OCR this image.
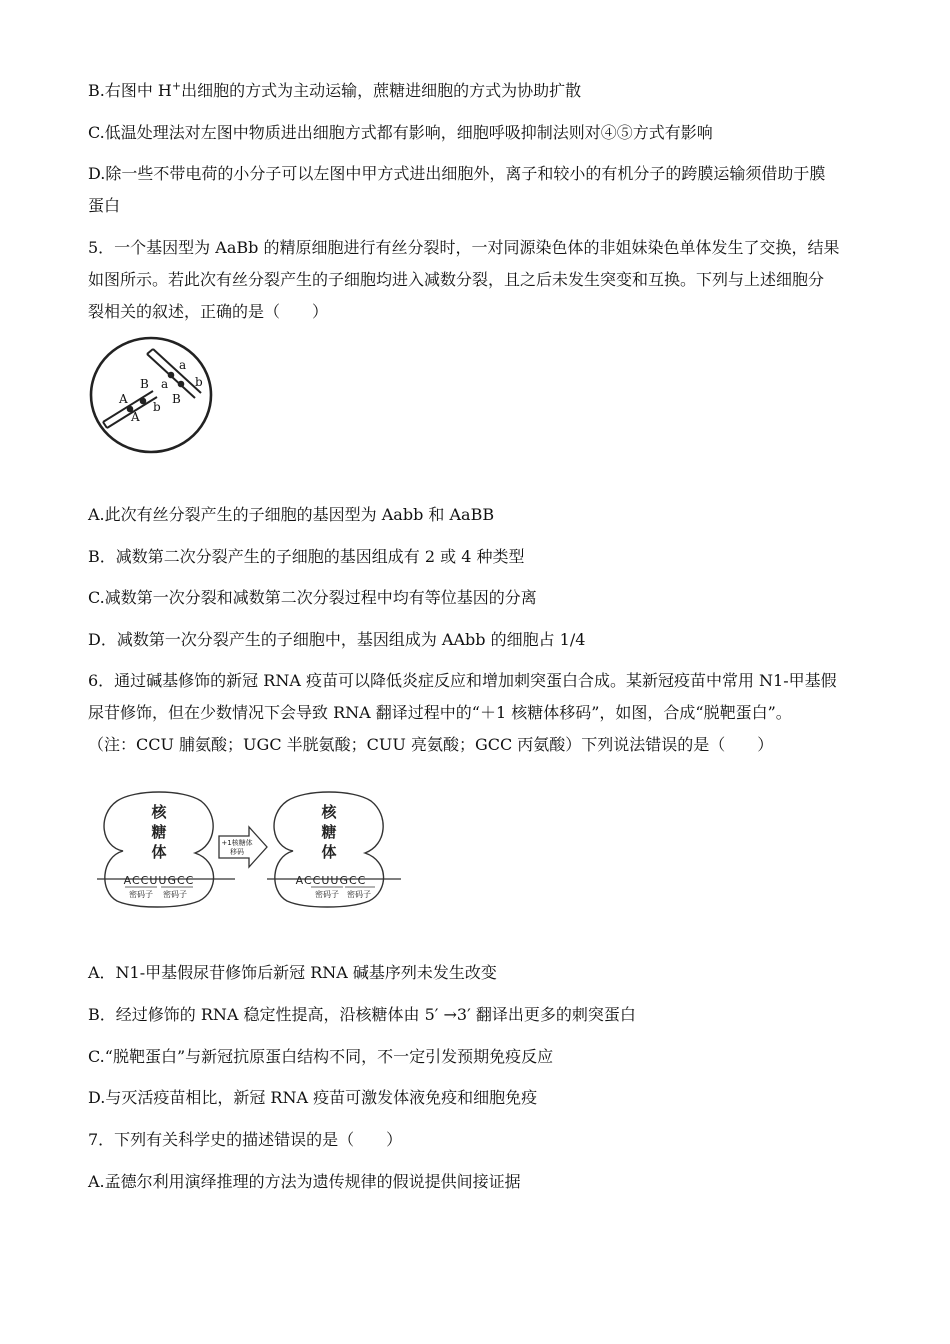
B.右图中 H+出细胞的方式为主动运输，蔗糖进细胞的方式为协助扩散
C.低温处理法对左图中物质进出细胞方式都有影响，细胞呼吸抑制法则对④⑤方式有影响
D.除一些不带电荷的小分子可以左图中甲方式进出细胞外，离子和较小的有机分子的跨膜运输须借助于膜
蛋白
5．一个基因型为 AaBb 的精原细胞进行有丝分裂时，一对同源染色体的非姐妹染色单体发生了交换，结果
如图所示。若此次有丝分裂产生的子细胞均进入减数分裂，且之后未发生突变和互换。下列与上述细胞分
裂相关的叙述，正确的是（　　）
A
A
B
B
a
a b
b
A.此次有丝分裂产生的子细胞的基因型为 Aabb 和 AaBB
B．减数第二次分裂产生的子细胞的基因组成有 2 或 4 种类型
C.减数第一次分裂和减数第二次分裂过程中均有等位基因的分离
D．减数第一次分裂产生的子细胞中，基因组成为 AAbb 的细胞占 1/4
6．通过碱基修饰的新冠 RNA 疫苗可以降低炎症反应和增加刺突蛋白合成。某新冠疫苗中常用 N1-甲基假
尿苷修饰，但在少数情况下会导致 RNA 翻译过程中的“＋1 核糖体移码”，如图，合成“脱靶蛋白”。
（注：CCU 脯氨酸；UGC 半胱氨酸；CUU 亮氨酸；GCC 丙氨酸）下列说法错误的是（　　）
核
糖
体
ACCUUGCC
密码子 密码子
+1核糖体
移码
核
糖
体
ACCUUGCC
密码子 密码子
A．N1-甲基假尿苷修饰后新冠 RNA 碱基序列未发生改变
B．经过修饰的 RNA 稳定性提高，沿核糖体由 5′ →3′ 翻译出更多的刺突蛋白
C.“脱靶蛋白”与新冠抗原蛋白结构不同，不一定引发预期免疫反应
D.与灭活疫苗相比，新冠 RNA 疫苗可激发体液免疫和细胞免疫
7．下列有关科学史的描述错误的是（　　）
A.孟德尔利用演绎推理的方法为遗传规律的假说提供间接证据
